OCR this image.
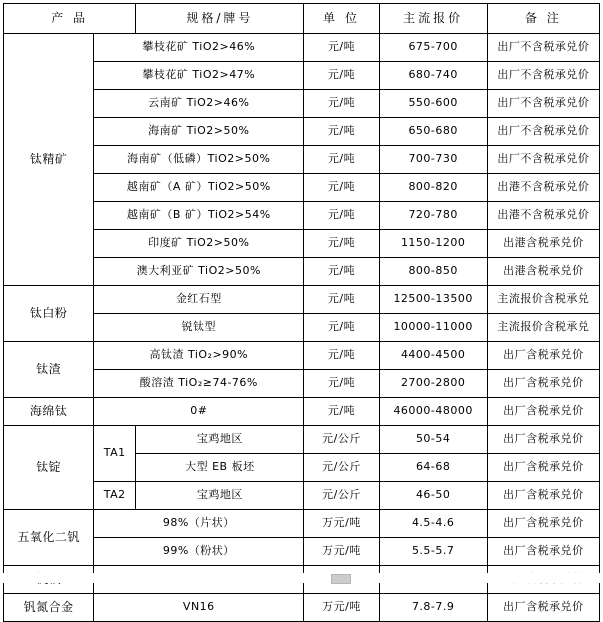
产 品		规格/牌号	单 位	主流报价	备 注
钛精矿	攀枝花矿 TiO2>46%		元/吨	675-700	出厂不含税承兑价
	攀枝花矿 TiO2>47%		元/吨	680-740	出厂不含税承兑价
	云南矿 TiO2>46%		元/吨	550-600	出厂不含税承兑价
	海南矿 TiO2>50%		元/吨	650-680	出厂不含税承兑价
	海南矿（低磷）TiO2>50%		元/吨	700-730	出厂不含税承兑价
	越南矿（A 矿）TiO2>50%		元/吨	800-820	出港不含税承兑价
	越南矿（B 矿）TiO2>54%		元/吨	720-780	出港不含税承兑价
	印度矿 TiO2>50%		元/吨	1150-1200	出港含税承兑价
	澳大利亚矿 TiO2>50%		元/吨	800-850	出港含税承兑价
钛白粉	金红石型		元/吨	12500-13500	主流报价含税承兑
	锐钛型		元/吨	10000-11000	主流报价含税承兑
钛渣	高钛渣 TiO₂>90%		元/吨	4400-4500	出厂含税承兑价
	酸溶渣 TiO₂≥74-76%		元/吨	2700-2800	出厂含税承兑价
海绵钛	0#		元/吨	46000-48000	出厂含税承兑价
钛锭	TA1	宝鸡地区	元/公斤	50-54	出厂含税承兑价
		大型 EB 板坯	元/公斤	64-68	出厂含税承兑价
	TA2	宝鸡地区	元/公斤	46-50	出厂含税承兑价
五氧化二钒	98%（片状）		万元/吨	4.5-4.6	出厂含税承兑价
	99%（粉状）		万元/吨	5.5-5.7	出厂含税承兑价

钒氮合金	VN16		万元/吨	7.8-7.9	出厂含税承兑价
